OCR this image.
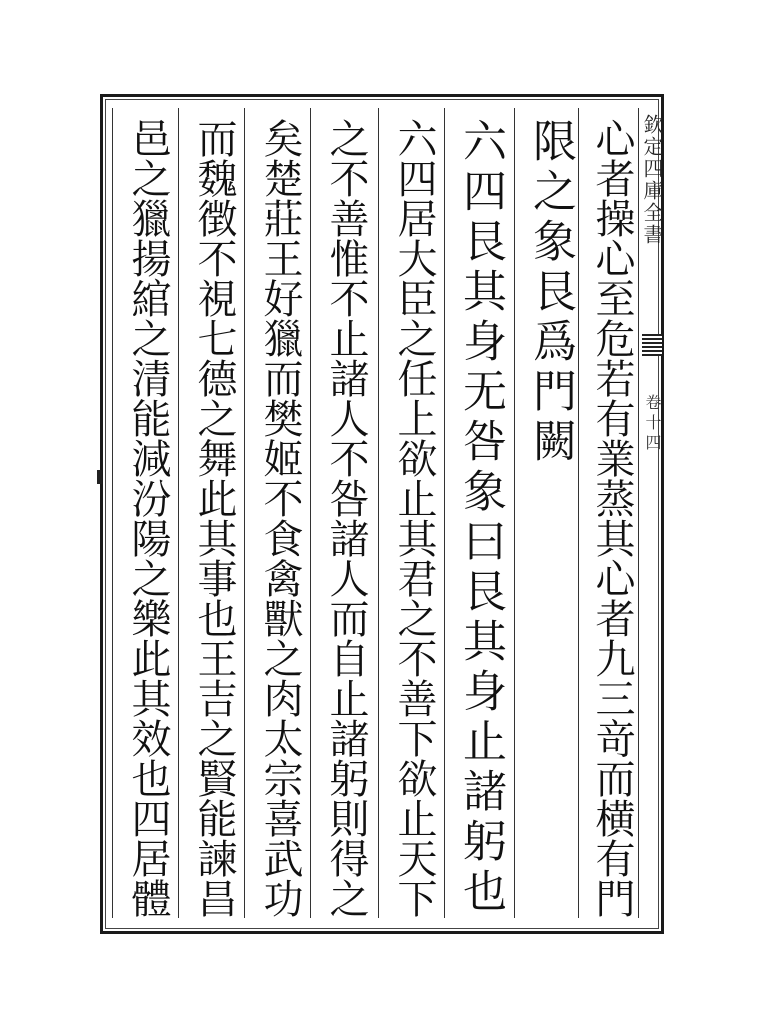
欽定四庫全書
卷十四
心者操心至危若有業蒸其心者九三竒而横有門
限之象艮爲門闕
六四艮其身无咎象曰艮其身止諸躬也
六四居大臣之任上欲止其君之不善下欲止天下
之不善惟不止諸人不咎諸人而自止諸躬則得之
矣楚莊王好獵而樊姬不食禽獸之肉太宗喜武功
而魏徴不視七德之舞此其事也王吉之賢能諫昌
邑之獵揚綰之清能減汾陽之樂此其效也四居體
